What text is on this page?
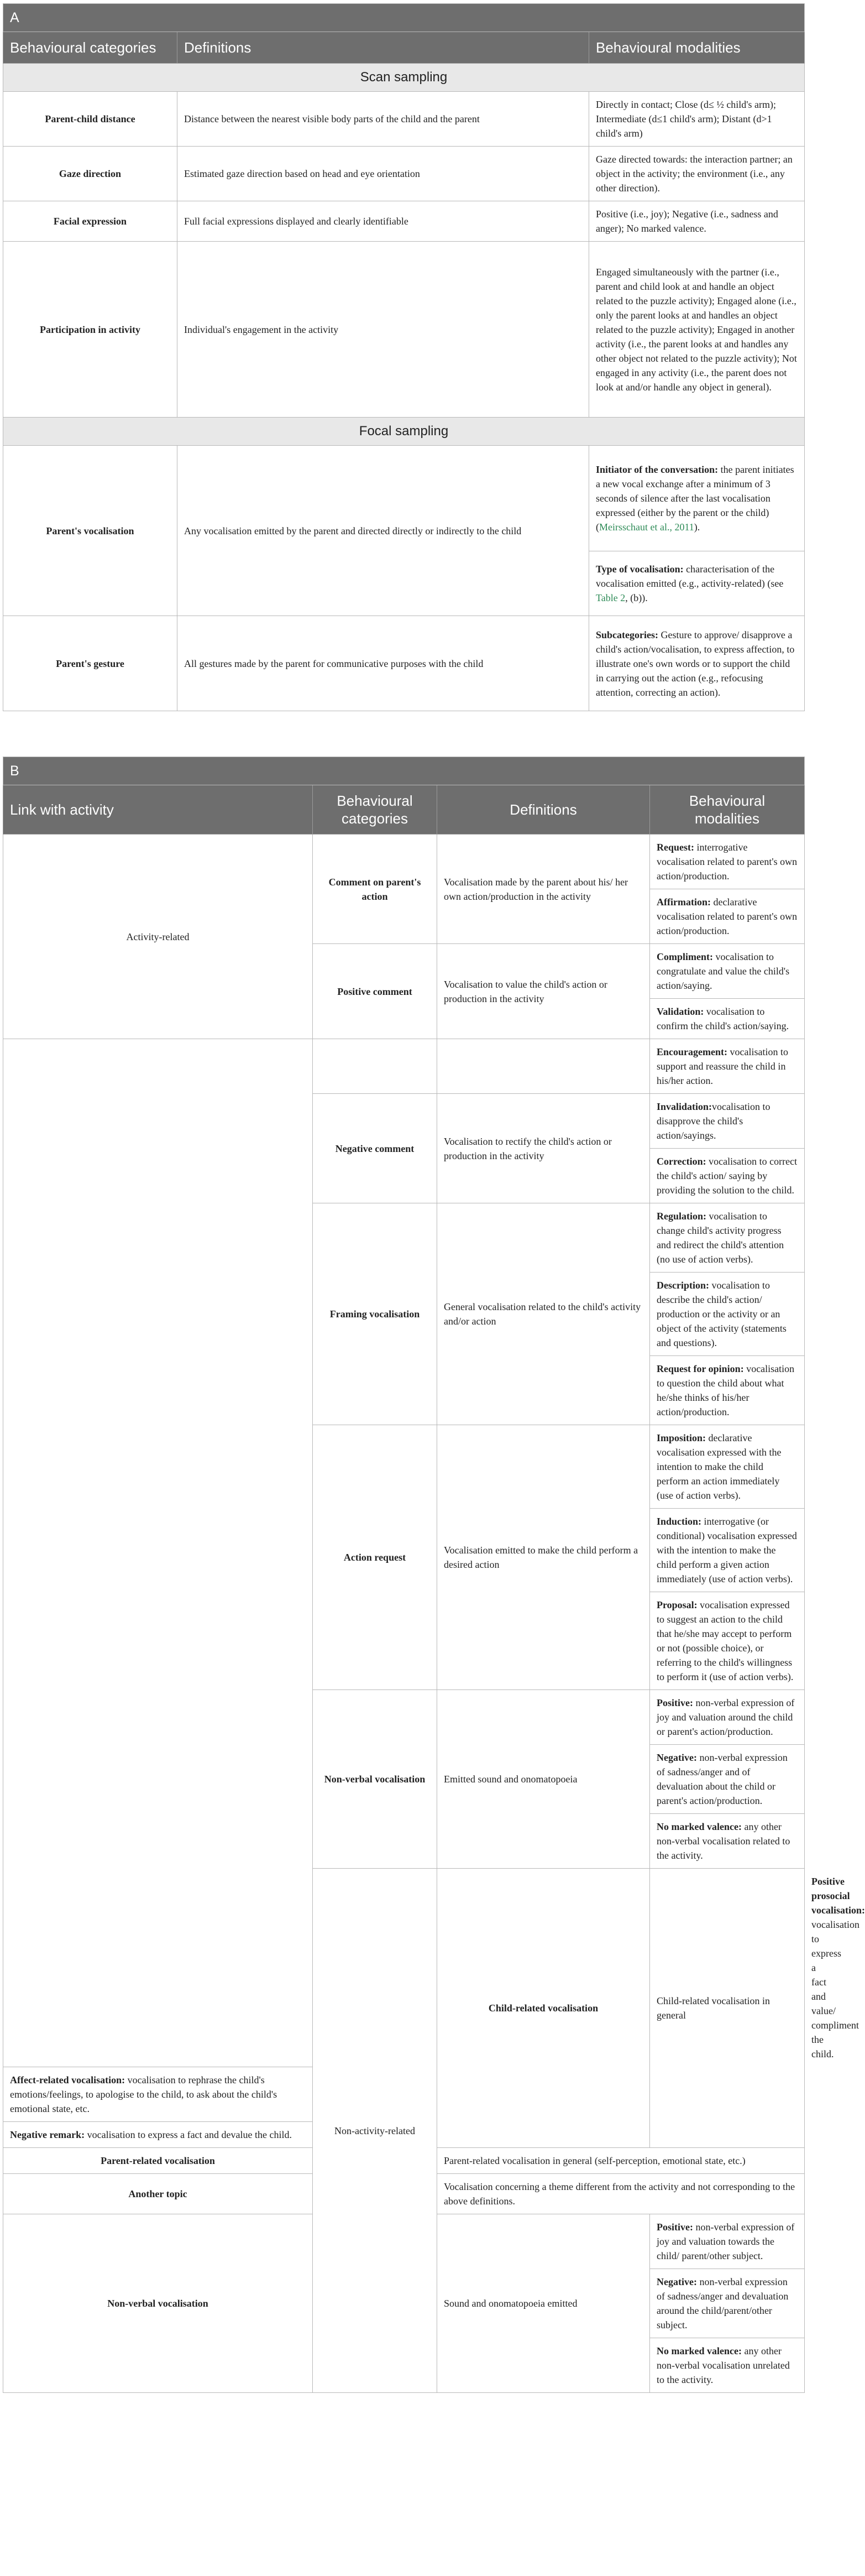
A		
Behavioural categories	Definitions	Behavioural modalities
Scan sampling		
Parent-child distance	Distance between the nearest visible body parts of the child and the parent	Directly in contact; Close (d≤ ½ child's arm); Intermediate (d≤1 child's arm); Distant (d>1 child's arm)
Gaze direction	Estimated gaze direction based on head and eye orientation	Gaze directed towards: the interaction partner; an object in the activity; the environment (i.e., any other direction).
Facial expression	Full facial expressions displayed and clearly identifiable	Positive (i.e., joy); Negative (i.e., sadness and anger); No marked valence.
Participation in activity	Individual's engagement in the activity	Engaged simultaneously with the partner (i.e., parent and child look at and handle an object related to the puzzle activity); Engaged alone (i.e., only the parent looks at and handles an object related to the puzzle activity); Engaged in another activity (i.e., the parent looks at and handles any other object not related to the puzzle activity); Not engaged in any activity (i.e., the parent does not look at and/or handle any object in general).
Focal sampling		
Parent's vocalisation	Any vocalisation emitted by the parent and directed directly or indirectly to the child	Initiator of the conversation: the parent initiates a new vocal exchange after a minimum of 3 seconds of silence after the last vocalisation expressed (either by the parent or the child) (Meirsschaut et al., 2011).
		Type of vocalisation: characterisation of the vocalisation emitted (e.g., activity-related) (see Table 2, (b)).
Parent's gesture	All gestures made by the parent for communicative purposes with the child	Subcategories: Gesture to approve/ disapprove a child's action/vocalisation, to express affection, to illustrate one's own words or to support the child in carrying out the action (e.g., refocusing attention, correcting an action).
B				
Link with activity	Behavioural categories	Definitions	Behavioural modalities	
Activity-related	Comment on parent's action	Vocalisation made by the parent about his/ her own action/production in the activity	Request: interrogative vocalisation related to parent's own action/production.	
			Affirmation: declarative vocalisation related to parent's own action/production.	
	Positive comment	Vocalisation to value the child's action or production in the activity	Compliment: vocalisation to congratulate and value the child's action/saying.	
			Validation: vocalisation to confirm the child's action/saying.	
			Encouragement: vocalisation to support and reassure the child in his/her action.	
	Negative comment	Vocalisation to rectify the child's action or production in the activity	Invalidation:vocalisation to disapprove the child's action/sayings.	
			Correction: vocalisation to correct the child's action/ saying by providing the solution to the child.	
	Framing vocalisation	General vocalisation related to the child's activity and/or action	Regulation: vocalisation to change child's activity progress and redirect the child's attention (no use of action verbs).	
			Description: vocalisation to describe the child's action/ production or the activity or an object of the activity (statements and questions).	
			Request for opinion: vocalisation to question the child about what he/she thinks of his/her action/production.	
	Action request	Vocalisation emitted to make the child perform a desired action	Imposition: declarative vocalisation expressed with the intention to make the child perform an action immediately (use of action verbs).	
			Induction: interrogative (or conditional) vocalisation expressed with the intention to make the child perform a given action immediately (use of action verbs).	
			Proposal: vocalisation expressed to suggest an action to the child that he/she may accept to perform or not (possible choice), or referring to the child's willingness to perform it (use of action verbs).	
	Non-verbal vocalisation	Emitted sound and onomatopoeia	Positive: non-verbal expression of joy and valuation around the child or parent's action/production.	
			Negative: non-verbal expression of sadness/anger and of devaluation about the child or parent's action/production.	
			No marked valence: any other non-verbal vocalisation related to the activity.	
	Non-activity-related	Child-related vocalisation	Child-related vocalisation in general	Positive prosocial vocalisation: vocalisation to express a fact and value/ compliment the child.
Affect-related vocalisation: vocalisation to rephrase the child's emotions/feelings, to apologise to the child, to ask about the child's emotional state, etc.				
Negative remark: vocalisation to express a fact and devalue the child.				
Parent-related vocalisation		Parent-related vocalisation in general (self-perception, emotional state, etc.)		
Another topic		Vocalisation concerning a theme different from the activity and not corresponding to the above definitions.		
Non-verbal vocalisation		Sound and onomatopoeia emitted	Positive: non-verbal expression of joy and valuation towards the child/ parent/other subject.	
			Negative: non-verbal expression of sadness/anger and devaluation around the child/parent/other subject.	
			No marked valence: any other non-verbal vocalisation unrelated to the activity.	
